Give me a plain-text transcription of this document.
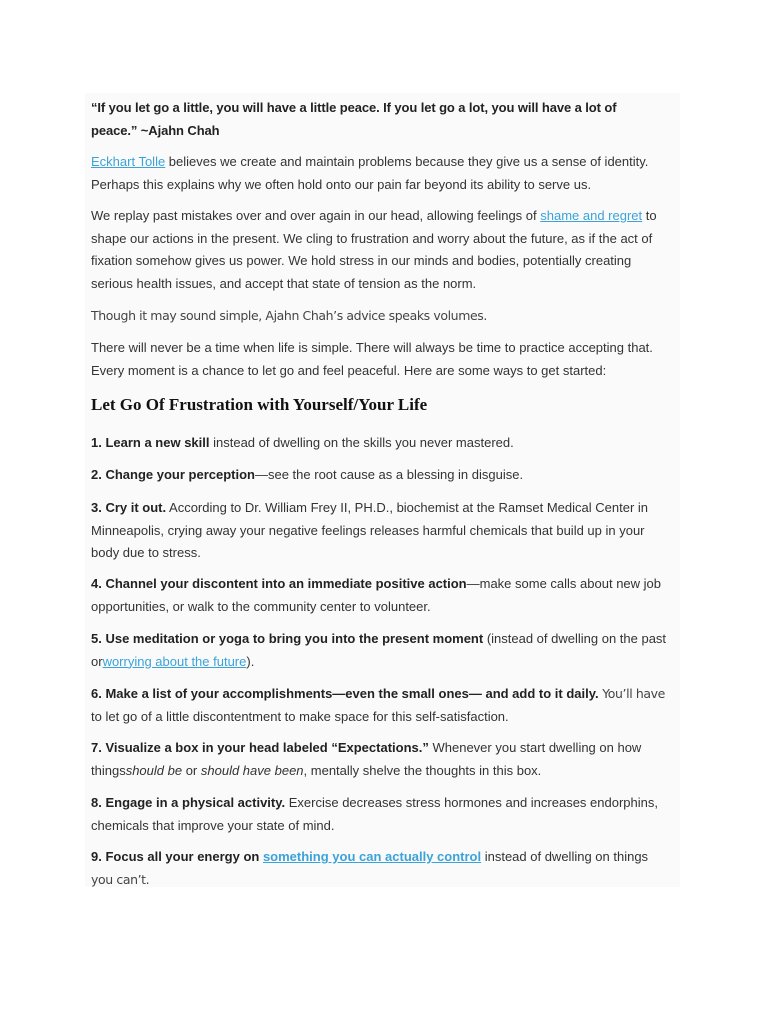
“If you let go a little, you will have a little peace. If you let go a lot, you will have a lot of peace.” ~Ajahn Chah

Eckhart Tolle believes we create and maintain problems because they give us a sense of identity. Perhaps this explains why we often hold onto our pain far beyond its ability to serve us.

We replay past mistakes over and over again in our head, allowing feelings of shame and regret to shape our actions in the present. We cling to frustration and worry about the future, as if the act of fixation somehow gives us power. We hold stress in our minds and bodies, potentially creating serious health issues, and accept that state of tension as the norm.

Though it may sound simple, Ajahn Chah’s advice speaks volumes.

There will never be a time when life is simple. There will always be time to practice accepting that. Every moment is a chance to let go and feel peaceful. Here are some ways to get started:

Let Go Of Frustration with Yourself/Your Life

1. Learn a new skill instead of dwelling on the skills you never mastered.

2. Change your perception—see the root cause as a blessing in disguise.

3. Cry it out. According to Dr. William Frey II, PH.D., biochemist at the Ramset Medical Center in Minneapolis, crying away your negative feelings releases harmful chemicals that build up in your body due to stress.

4. Channel your discontent into an immediate positive action—make some calls about new job opportunities, or walk to the community center to volunteer.

5. Use meditation or yoga to bring you into the present moment (instead of dwelling on the past orworrying about the future).

6. Make a list of your accomplishments—even the small ones— and add to it daily. You’ll have to let go of a little discontentment to make space for this self-satisfaction.

7. Visualize a box in your head labeled “Expectations.” Whenever you start dwelling on how thingsshould be or should have been, mentally shelve the thoughts in this box.

8. Engage in a physical activity. Exercise decreases stress hormones and increases endorphins, chemicals that improve your state of mind.

9. Focus all your energy on something you can actually control instead of dwelling on things
you can’t.
